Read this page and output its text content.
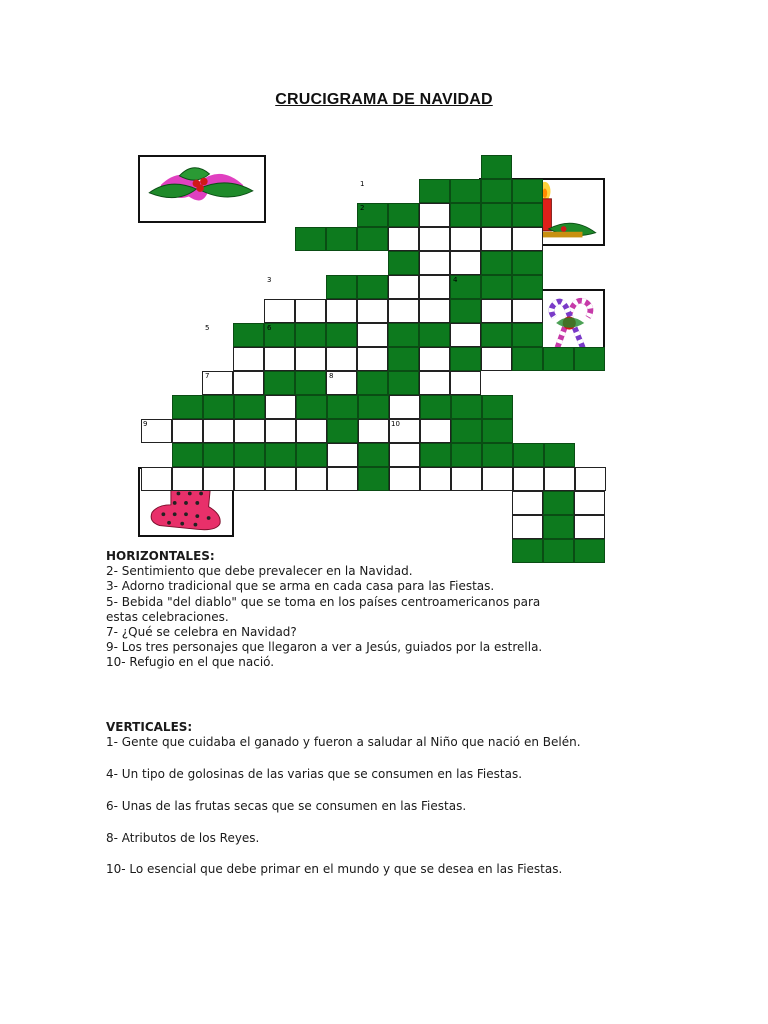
CRUCIGRAMA DE NAVIDAD
1
2
3	4
5	6
7	8
9	10

HORIZONTALES:

2- Sentimiento que debe prevalecer en la Navidad.

3- Adorno tradicional que se arma en cada casa para las Fiestas.

5- Bebida "del diablo" que se toma en los países centroamericanos para estas celebraciones.

7- ¿Qué se celebra en Navidad?

9- Los tres personajes que llegaron a ver a Jesús, guiados por la estrella.

10- Refugio en el que nació.

VERTICALES:

1- Gente que cuidaba el ganado y fueron a saludar al Niño que nació en Belén.

4- Un tipo de golosinas de las varias que se consumen en las Fiestas.

6- Unas de las frutas secas que se consumen en las Fiestas.

8- Atributos de los Reyes.

10- Lo esencial que debe primar en el mundo y que se desea en las Fiestas.
